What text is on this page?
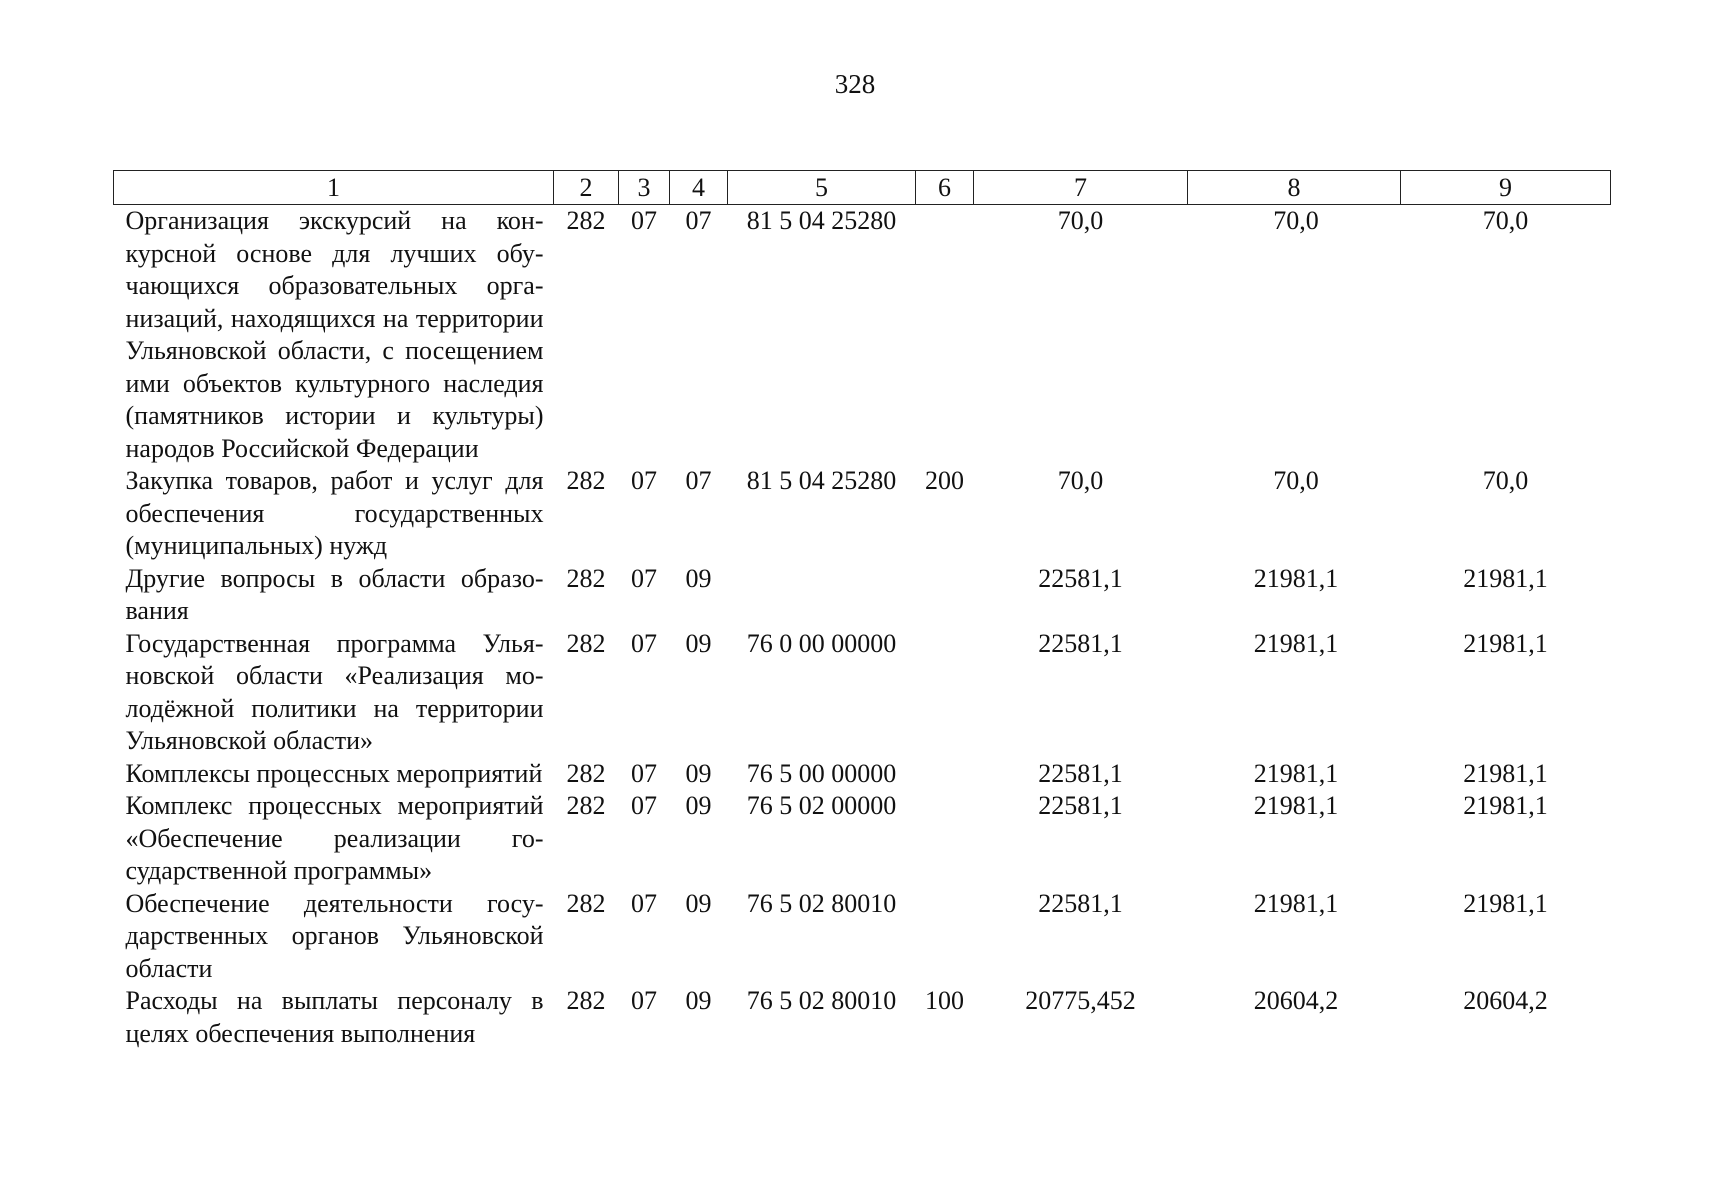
328
1	2	3	4	5	6	7	8	9
Организация экскурсий на конкурсной основе для лучших обучающихся образовательных организаций, находящихся на территории Ульяновской области, с посещением ими объектов культурного наследия (памятников истории и культуры) народов Российской Федерации	282	07	07	81 5 04 25280		70,0	70,0	70,0
Закупка товаров, работ и услуг для обеспечения государственных (муниципальных) нужд	282	07	07	81 5 04 25280	200	70,0	70,0	70,0
Другие вопросы в области образования	282	07	09			22581,1	21981,1	21981,1
Государственная программа Ульяновской области «Реализация молодёжной политики на территории Ульяновской области»	282	07	09	76 0 00 00000		22581,1	21981,1	21981,1
Комплексы процессных мероприятий	282	07	09	76 5 00 00000		22581,1	21981,1	21981,1
Комплекс процессных мероприятий «Обеспечение реализации государственной программы»	282	07	09	76 5 02 00000		22581,1	21981,1	21981,1
Обеспечение деятельности государственных органов Ульяновской области	282	07	09	76 5 02 80010		22581,1	21981,1	21981,1
Расходы на выплаты персоналу в целях обеспечения выполнения	282	07	09	76 5 02 80010	100	20775,452	20604,2	20604,2
